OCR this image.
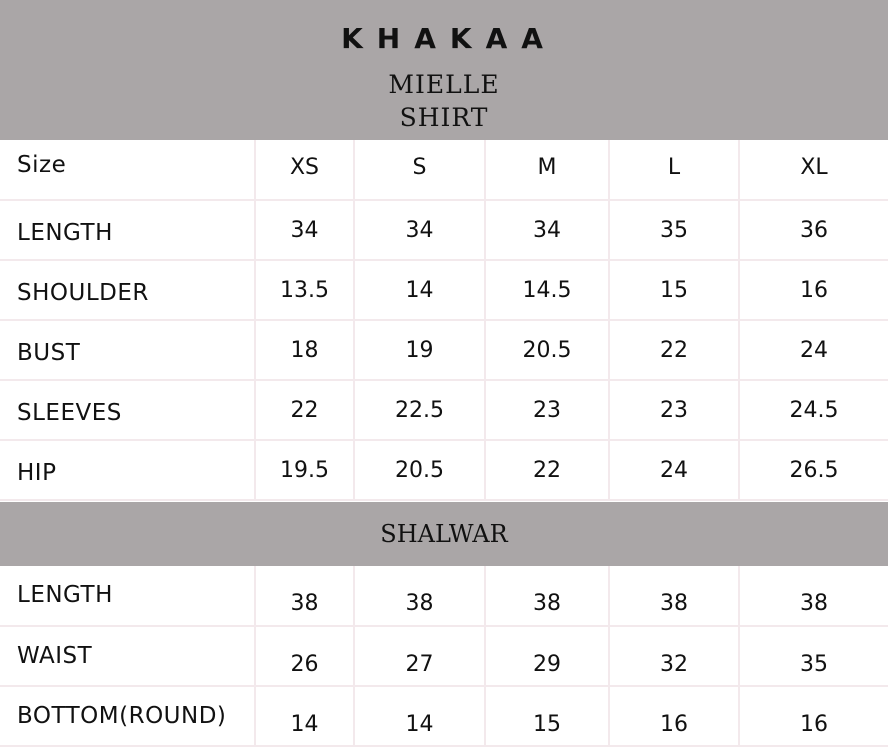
KHAKAA
MIELLE
SHIRT
Size	XS	S	M	L	XL
LENGTH	34	34	34	35	36
SHOULDER	13.5	14	14.5	15	16
BUST	18	19	20.5	22	24
SLEEVES	22	22.5	23	23	24.5
HIP	19.5	20.5	22	24	26.5
SHALWAR
LENGTH	38	38	38	38	38
WAIST	26	27	29	32	35
BOTTOM(ROUND)	14	14	15	16	16
